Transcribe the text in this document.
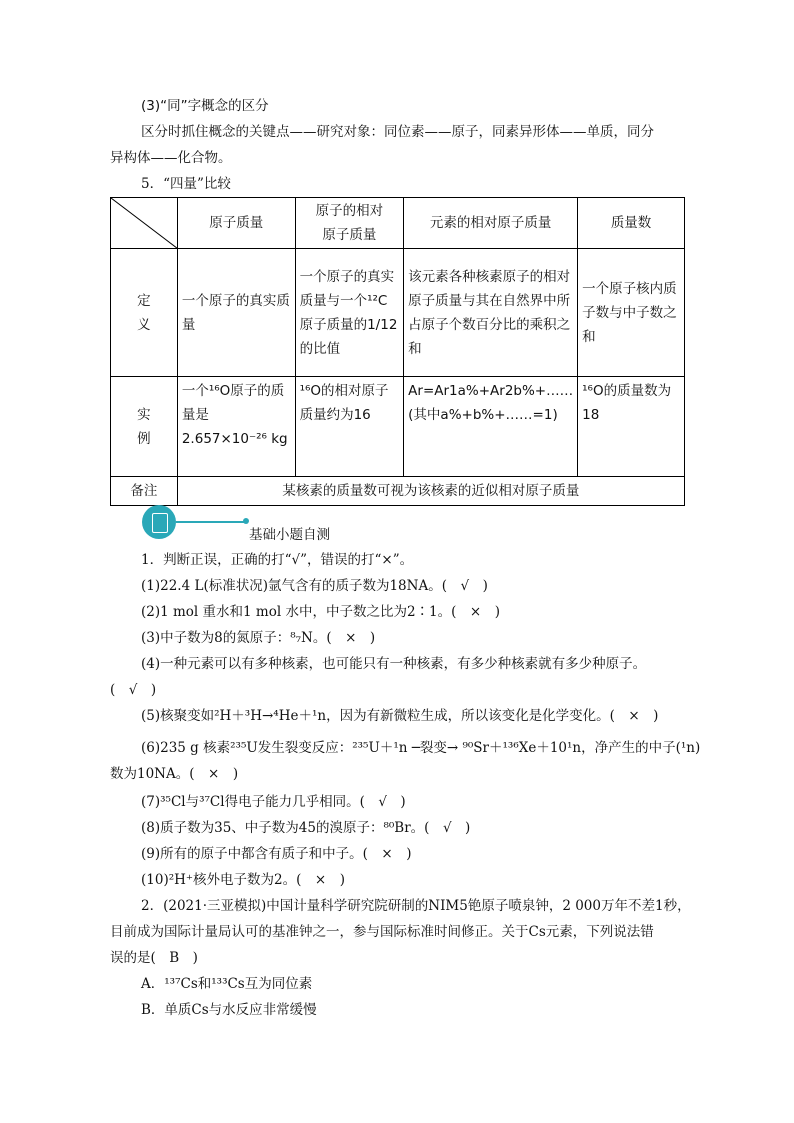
(3)“同”字概念的区分
区分时抓住概念的关键点——研究对象：同位素——原子，同素异形体——单质，同分
异构体——化合物。
5．“四量”比较
	原子质量	原子的相对原子质量	元素的相对原子质量	质量数
定义	一个原子的真实质量	一个原子的真实质量与一个¹²C原子质量的1/12的比值	该元素各种核素原子的相对原子质量与其在自然界中所占原子个数百分比的乘积之和	一个原子核内质子数与中子数之和
实例	一个¹⁶O原子的质量是2.657×10⁻²⁶ kg	¹⁶O的相对原子质量约为16	Ar=Ar1a%+Ar2b%+……(其中a%+b%+……=1)	¹⁶O的质量数为18
备注	某核素的质量数可视为该核素的近似相对原子质量			
基础小题自测
1．判断正误，正确的打“√”，错误的打“×”。
(1)22.4 L(标准状况)氩气含有的质子数为18NA。(　√　)
(2)1 mol 重水和1 mol 水中，中子数之比为2∶1。(　×　)
(3)中子数为8的氮原子：⁸₇N。(　×　)
(4)一种元素可以有多种核素，也可能只有一种核素，有多少种核素就有多少种原子。
(　√　)
(5)核聚变如²H＋³H→⁴He＋¹n，因为有新微粒生成，所以该变化是化学变化。(　×　)
(6)235 g 核素²³⁵U发生裂变反应：²³⁵U＋¹n ─裂变→ ⁹⁰Sr＋¹³⁶Xe＋10¹n，净产生的中子(¹n)
数为10NA。(　×　)
(7)³⁵Cl与³⁷Cl得电子能力几乎相同。(　√　)
(8)质子数为35、中子数为45的溴原子：⁸⁰Br。(　√　)
(9)所有的原子中都含有质子和中子。(　×　)
(10)²H⁺核外电子数为2。(　×　)
2．(2021·三亚模拟)中国计量科学研究院研制的NIM5铯原子喷泉钟，2 000万年不差1秒，
目前成为国际计量局认可的基准钟之一，参与国际标准时间修正。关于Cs元素，下列说法错
误的是(　B　)
A．¹³⁷Cs和¹³³Cs互为同位素
B．单质Cs与水反应非常缓慢
